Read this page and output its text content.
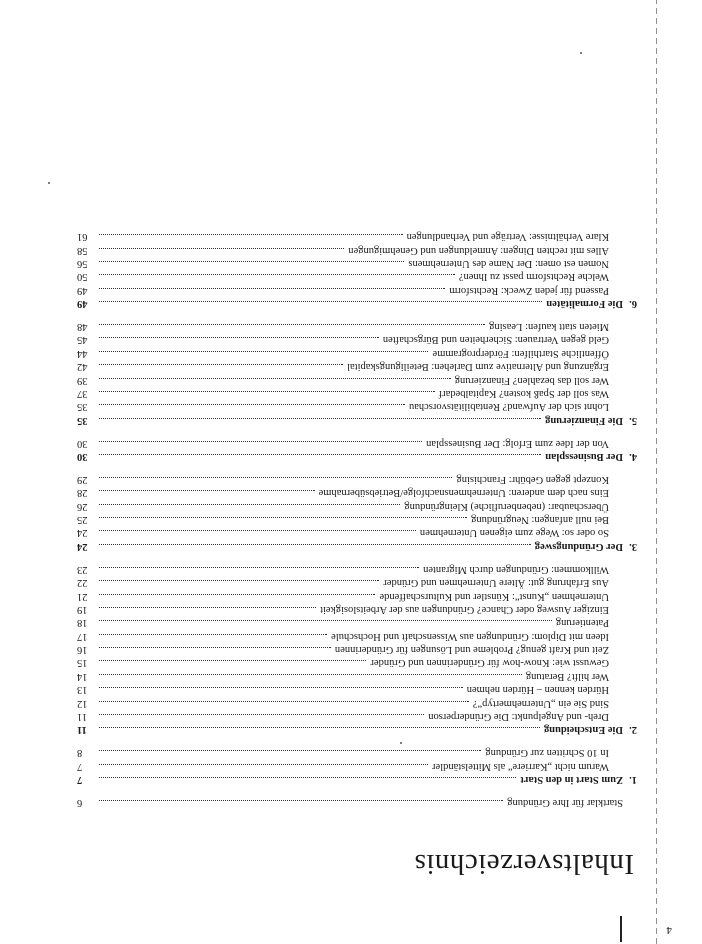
4
Inhaltsverzeichnis
Startklar für Ihre Gründung
6
1.
Zum Start in den Start
7
Warum nicht „Karriere“ als Mittelständler
7
In 10 Schritten zur Gründung
8
2.
Die Entscheidung
11
Dreh- und Angelpunkt: Die Gründerperson
11
Sind Sie ein „Unternehmertyp“?
12
Hürden kennen – Hürden nehmen
13
Wer hilft? Beratung
14
Gewusst wie: Know-how für Gründerinnen und Gründer
15
Zeit und Kraft genug? Probleme und Lösungen für Gründerinnen
16
Ideen mit Diplom: Gründungen aus Wissenschaft und Hochschule
17
Patentierung
18
Einziger Ausweg oder Chance? Gründungen aus der Arbeitslosigkeit
19
Unternehmen „Kunst“: Künstler und Kulturschaffende
21
Aus Erfahrung gut: Ältere Unternehmen und Gründer
22
Willkommen: Gründungen durch Migranten
23
3.
Der Gründungsweg
24
So oder so: Wege zum eigenen Unternehmen
24
Bei null anfangen: Neugründung
25
Überschaubar: (nebenberufliche) Kleingründung
26
Eins nach dem anderen: Unternehmensnachfolge/Betriebsübernahme
28
Konzept gegen Gebühr: Franchising
29
4.
Der Businessplan
30
Von der Idee zum Erfolg: Der Businessplan
30
5.
Die Finanzierung
35
Lohnt sich der Aufwand? Rentabilitätsvorschau
35
Was soll der Spaß kosten? Kapitalbedarf
37
Wer soll das bezahlen? Finanzierung
39
Ergänzung und Alternative zum Darlehen: Beteiligungskapital
42
Öffentliche Starthilfen: Förderprogramme
44
Geld gegen Vertrauen: Sicherheiten und Bürgschaften
45
Mieten statt kaufen: Leasing
48
6.
Die Formalitäten
49
Passend für jeden Zweck: Rechtsform
49
Welche Rechtsform passt zu Ihnen?
50
Nomen est omen: Der Name des Unternehmens
56
Alles mit rechten Dingen: Anmeldungen und Genehmigungen
58
Klare Verhältnisse: Verträge und Verhandlungen
61
